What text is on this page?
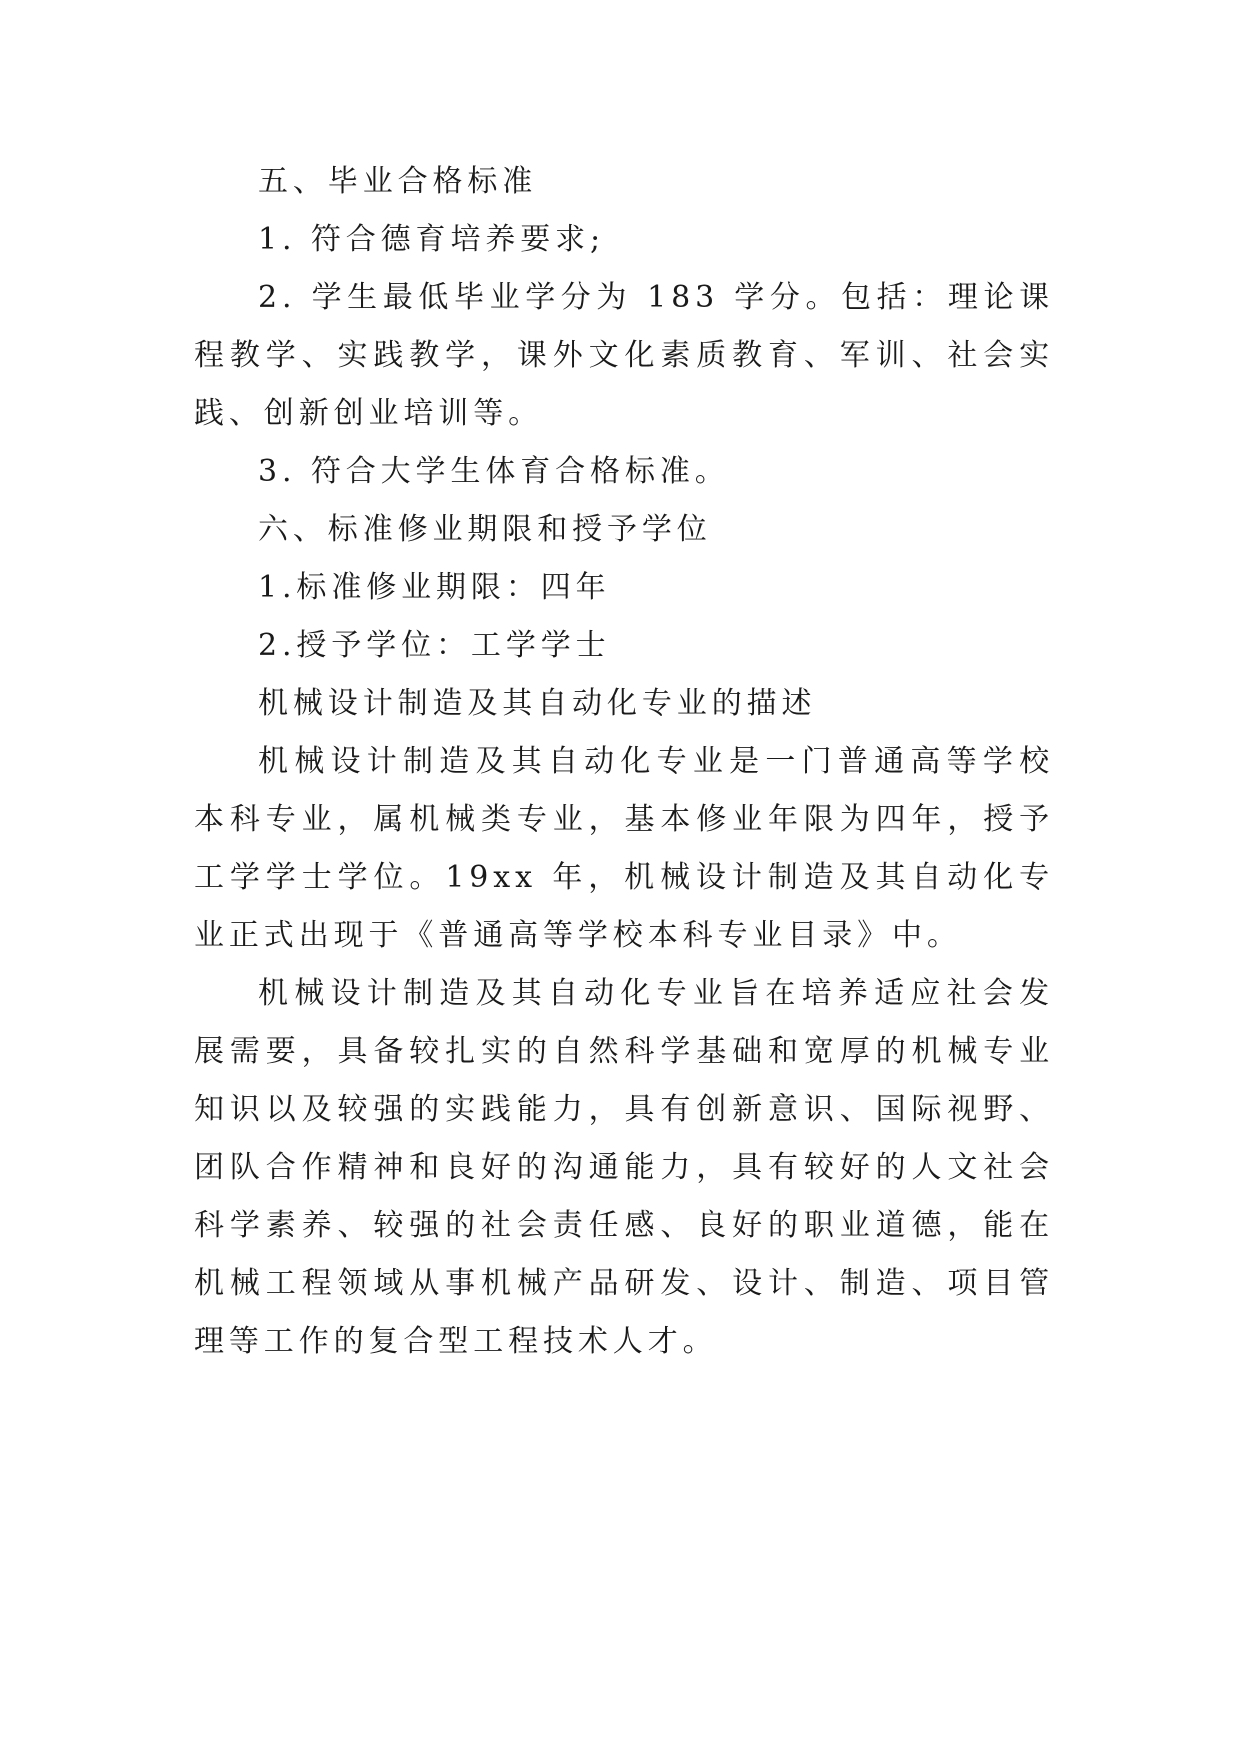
五、毕业合格标准

1. 符合德育培养要求;

2. 学生最低毕业学分为 183 学分。包括：理论课程教学、实践教学，课外文化素质教育、军训、社会实践、创新创业培训等。

3. 符合大学生体育合格标准。

六、标准修业期限和授予学位

1.标准修业期限：四年

2.授予学位：工学学士

机械设计制造及其自动化专业的描述

机械设计制造及其自动化专业是一门普通高等学校本科专业，属机械类专业，基本修业年限为四年，授予工学学士学位。19xx 年，机械设计制造及其自动化专业正式出现于《普通高等学校本科专业目录》中。

机械设计制造及其自动化专业旨在培养适应社会发展需要，具备较扎实的自然科学基础和宽厚的机械专业知识以及较强的实践能力，具有创新意识、国际视野、团队合作精神和良好的沟通能力，具有较好的人文社会科学素养、较强的社会责任感、良好的职业道德，能在机械工程领域从事机械产品研发、设计、制造、项目管理等工作的复合型工程技术人才。
